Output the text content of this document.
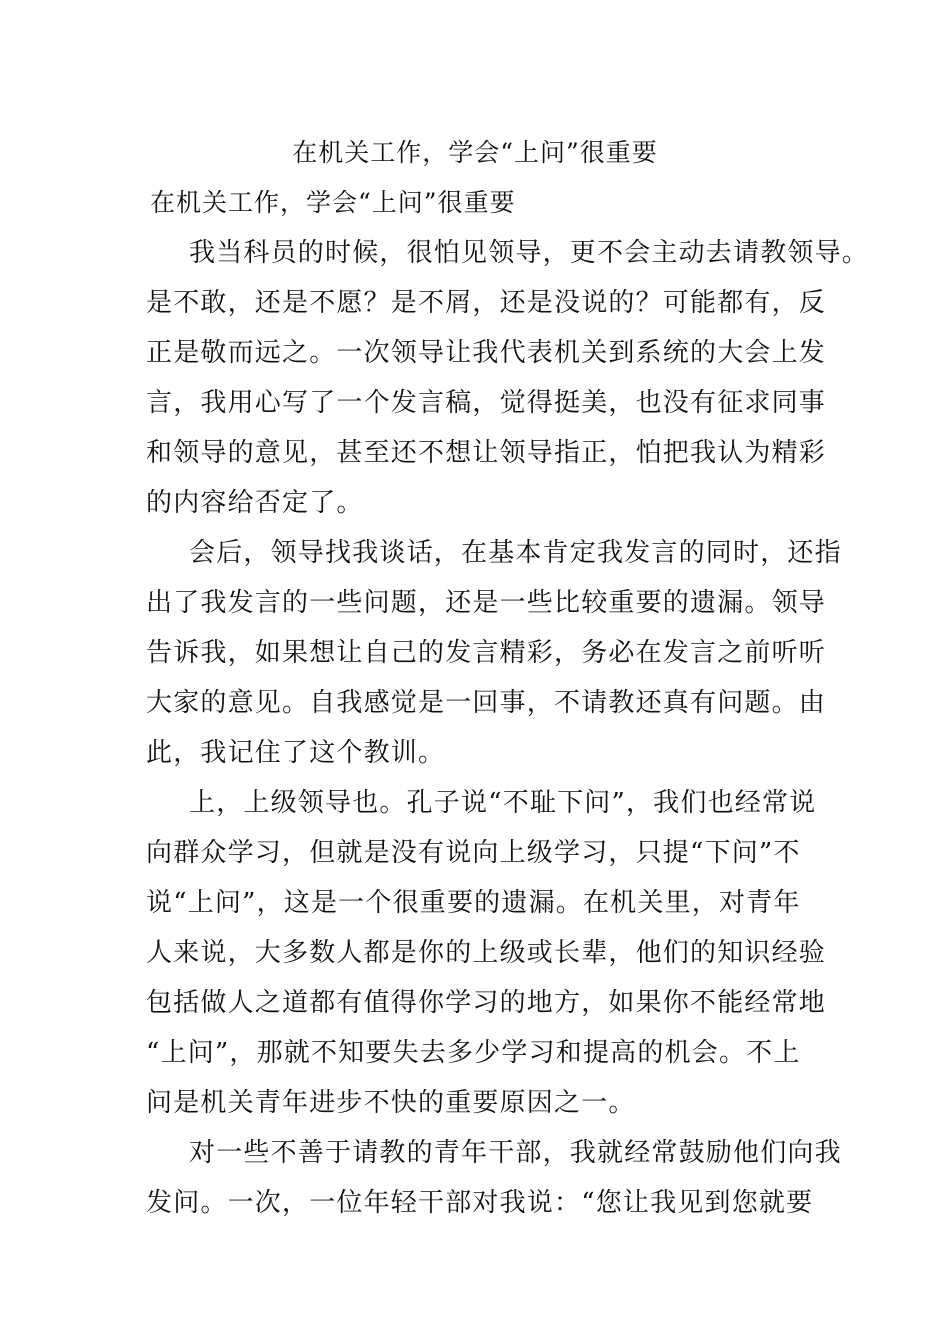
在机关工作，学会“上问”很重要
在机关工作，学会“上问”很重要

我当科员的时候，很怕见领导，更不会主动去请教领导。
是不敢，还是不愿？是不屑，还是没说的？可能都有，反
正是敬而远之。一次领导让我代表机关到系统的大会上发
言，我用心写了一个发言稿，觉得挺美，也没有征求同事
和领导的意见，甚至还不想让领导指正，怕把我认为精彩
的内容给否定了。

会后，领导找我谈话，在基本肯定我发言的同时，还指
出了我发言的一些问题，还是一些比较重要的遗漏。领导
告诉我，如果想让自己的发言精彩，务必在发言之前听听
大家的意见。自我感觉是一回事，不请教还真有问题。由
此，我记住了这个教训。

上，上级领导也。孔子说“不耻下问”，我们也经常说
向群众学习，但就是没有说向上级学习，只提“下问”不
说“上问”，这是一个很重要的遗漏。在机关里，对青年
人来说，大多数人都是你的上级或长辈，他们的知识经验
包括做人之道都有值得你学习的地方，如果你不能经常地
“上问”，那就不知要失去多少学习和提高的机会。不上
问是机关青年进步不快的重要原因之一。

对一些不善于请教的青年干部，我就经常鼓励他们向我
发问。一次，一位年轻干部对我说：“您让我见到您就要
